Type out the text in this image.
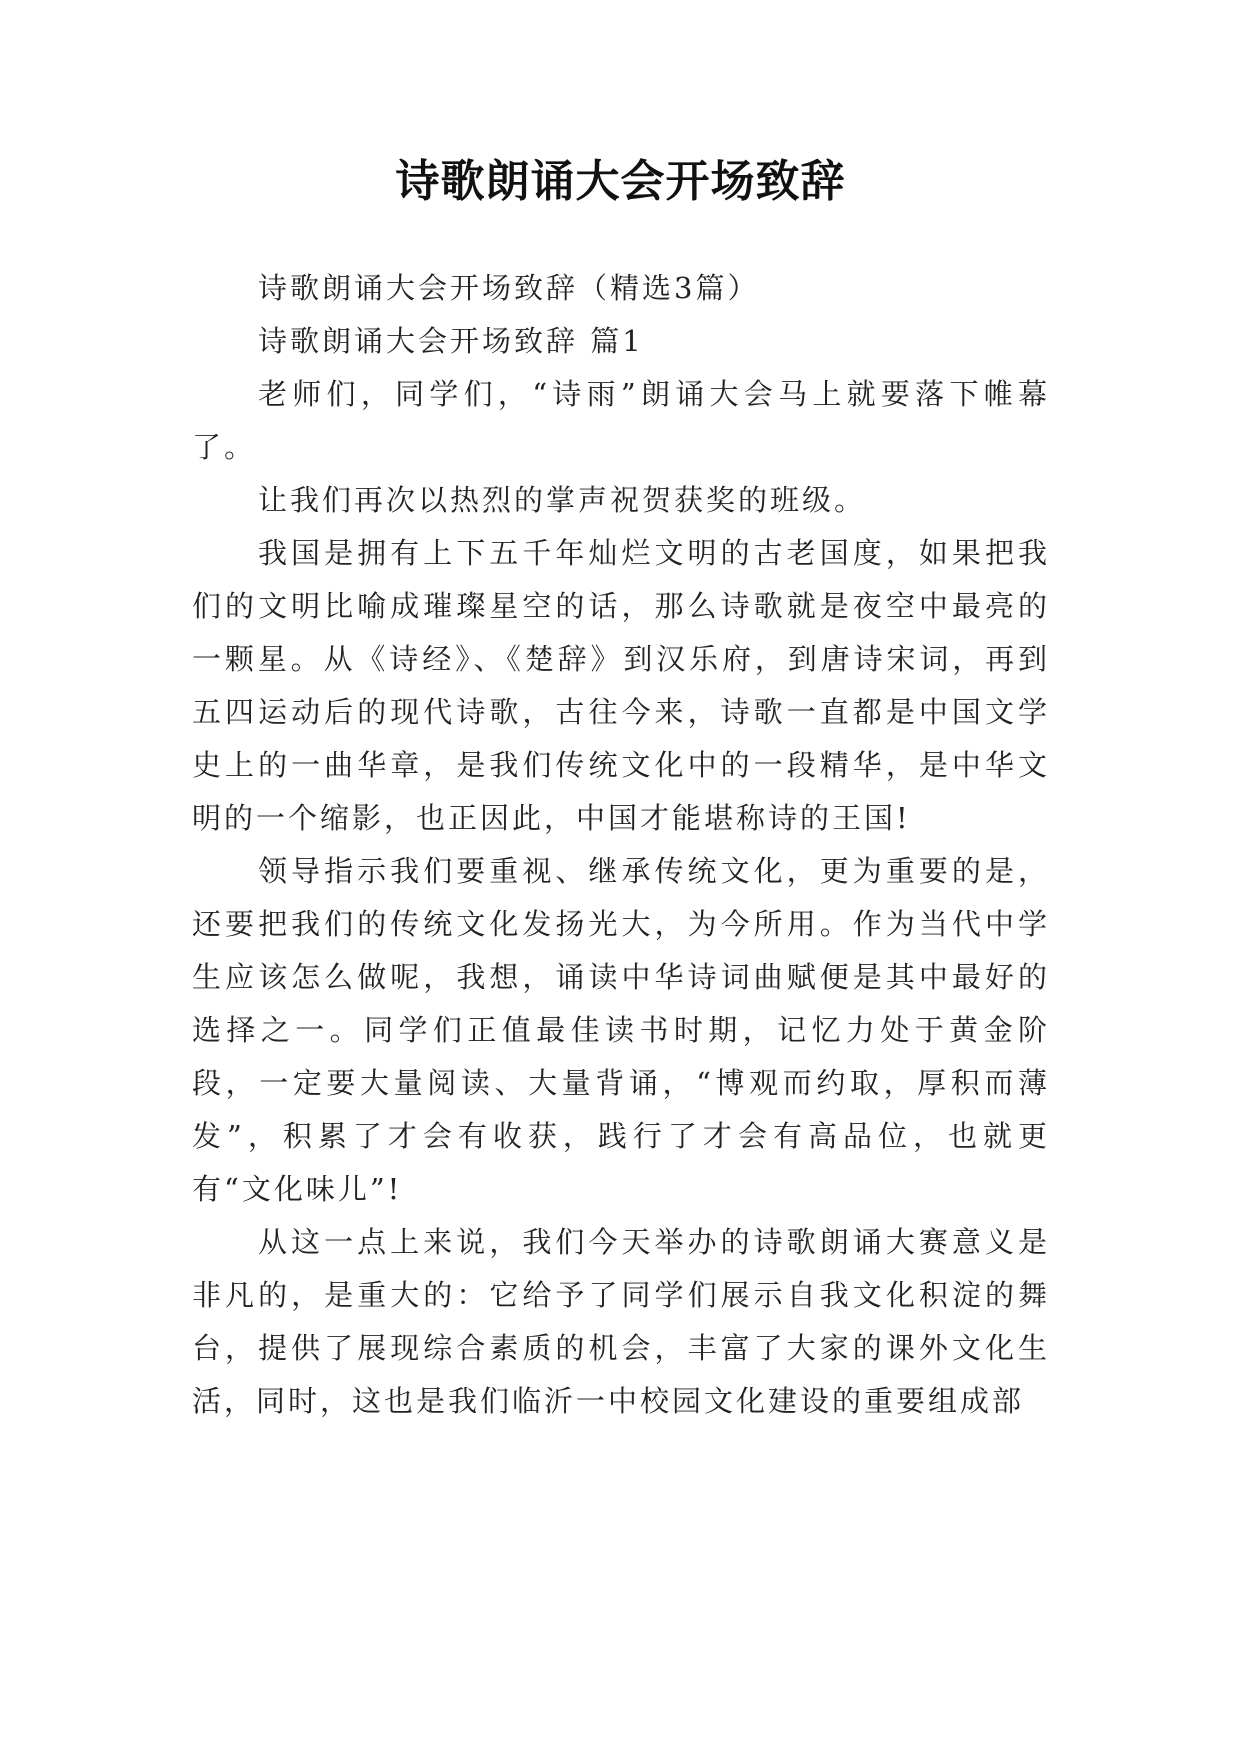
诗歌朗诵大会开场致辞

诗歌朗诵大会开场致辞（精选3篇）

诗歌朗诵大会开场致辞 篇1

老师们，同学们，“诗雨”朗诵大会马上就要落下帷幕了。

让我们再次以热烈的掌声祝贺获奖的班级。

我国是拥有上下五千年灿烂文明的古老国度，如果把我们的文明比喻成璀璨星空的话，那么诗歌就是夜空中最亮的一颗星。从《诗经》、《楚辞》到汉乐府，到唐诗宋词，再到五四运动后的现代诗歌，古往今来，诗歌一直都是中国文学史上的一曲华章，是我们传统文化中的一段精华，是中华文明的一个缩影，也正因此，中国才能堪称诗的王国!

领导指示我们要重视、继承传统文化，更为重要的是，还要把我们的传统文化发扬光大，为今所用。作为当代中学生应该怎么做呢，我想，诵读中华诗词曲赋便是其中最好的选择之一。同学们正值最佳读书时期，记忆力处于黄金阶段，一定要大量阅读、大量背诵，“博观而约取，厚积而薄发”，积累了才会有收获，践行了才会有高品位，也就更有“文化味儿”!

从这一点上来说，我们今天举办的诗歌朗诵大赛意义是非凡的，是重大的：它给予了同学们展示自我文化积淀的舞台，提供了展现综合素质的机会，丰富了大家的课外文化生活，同时，这也是我们临沂一中校园文化建设的重要组成部
